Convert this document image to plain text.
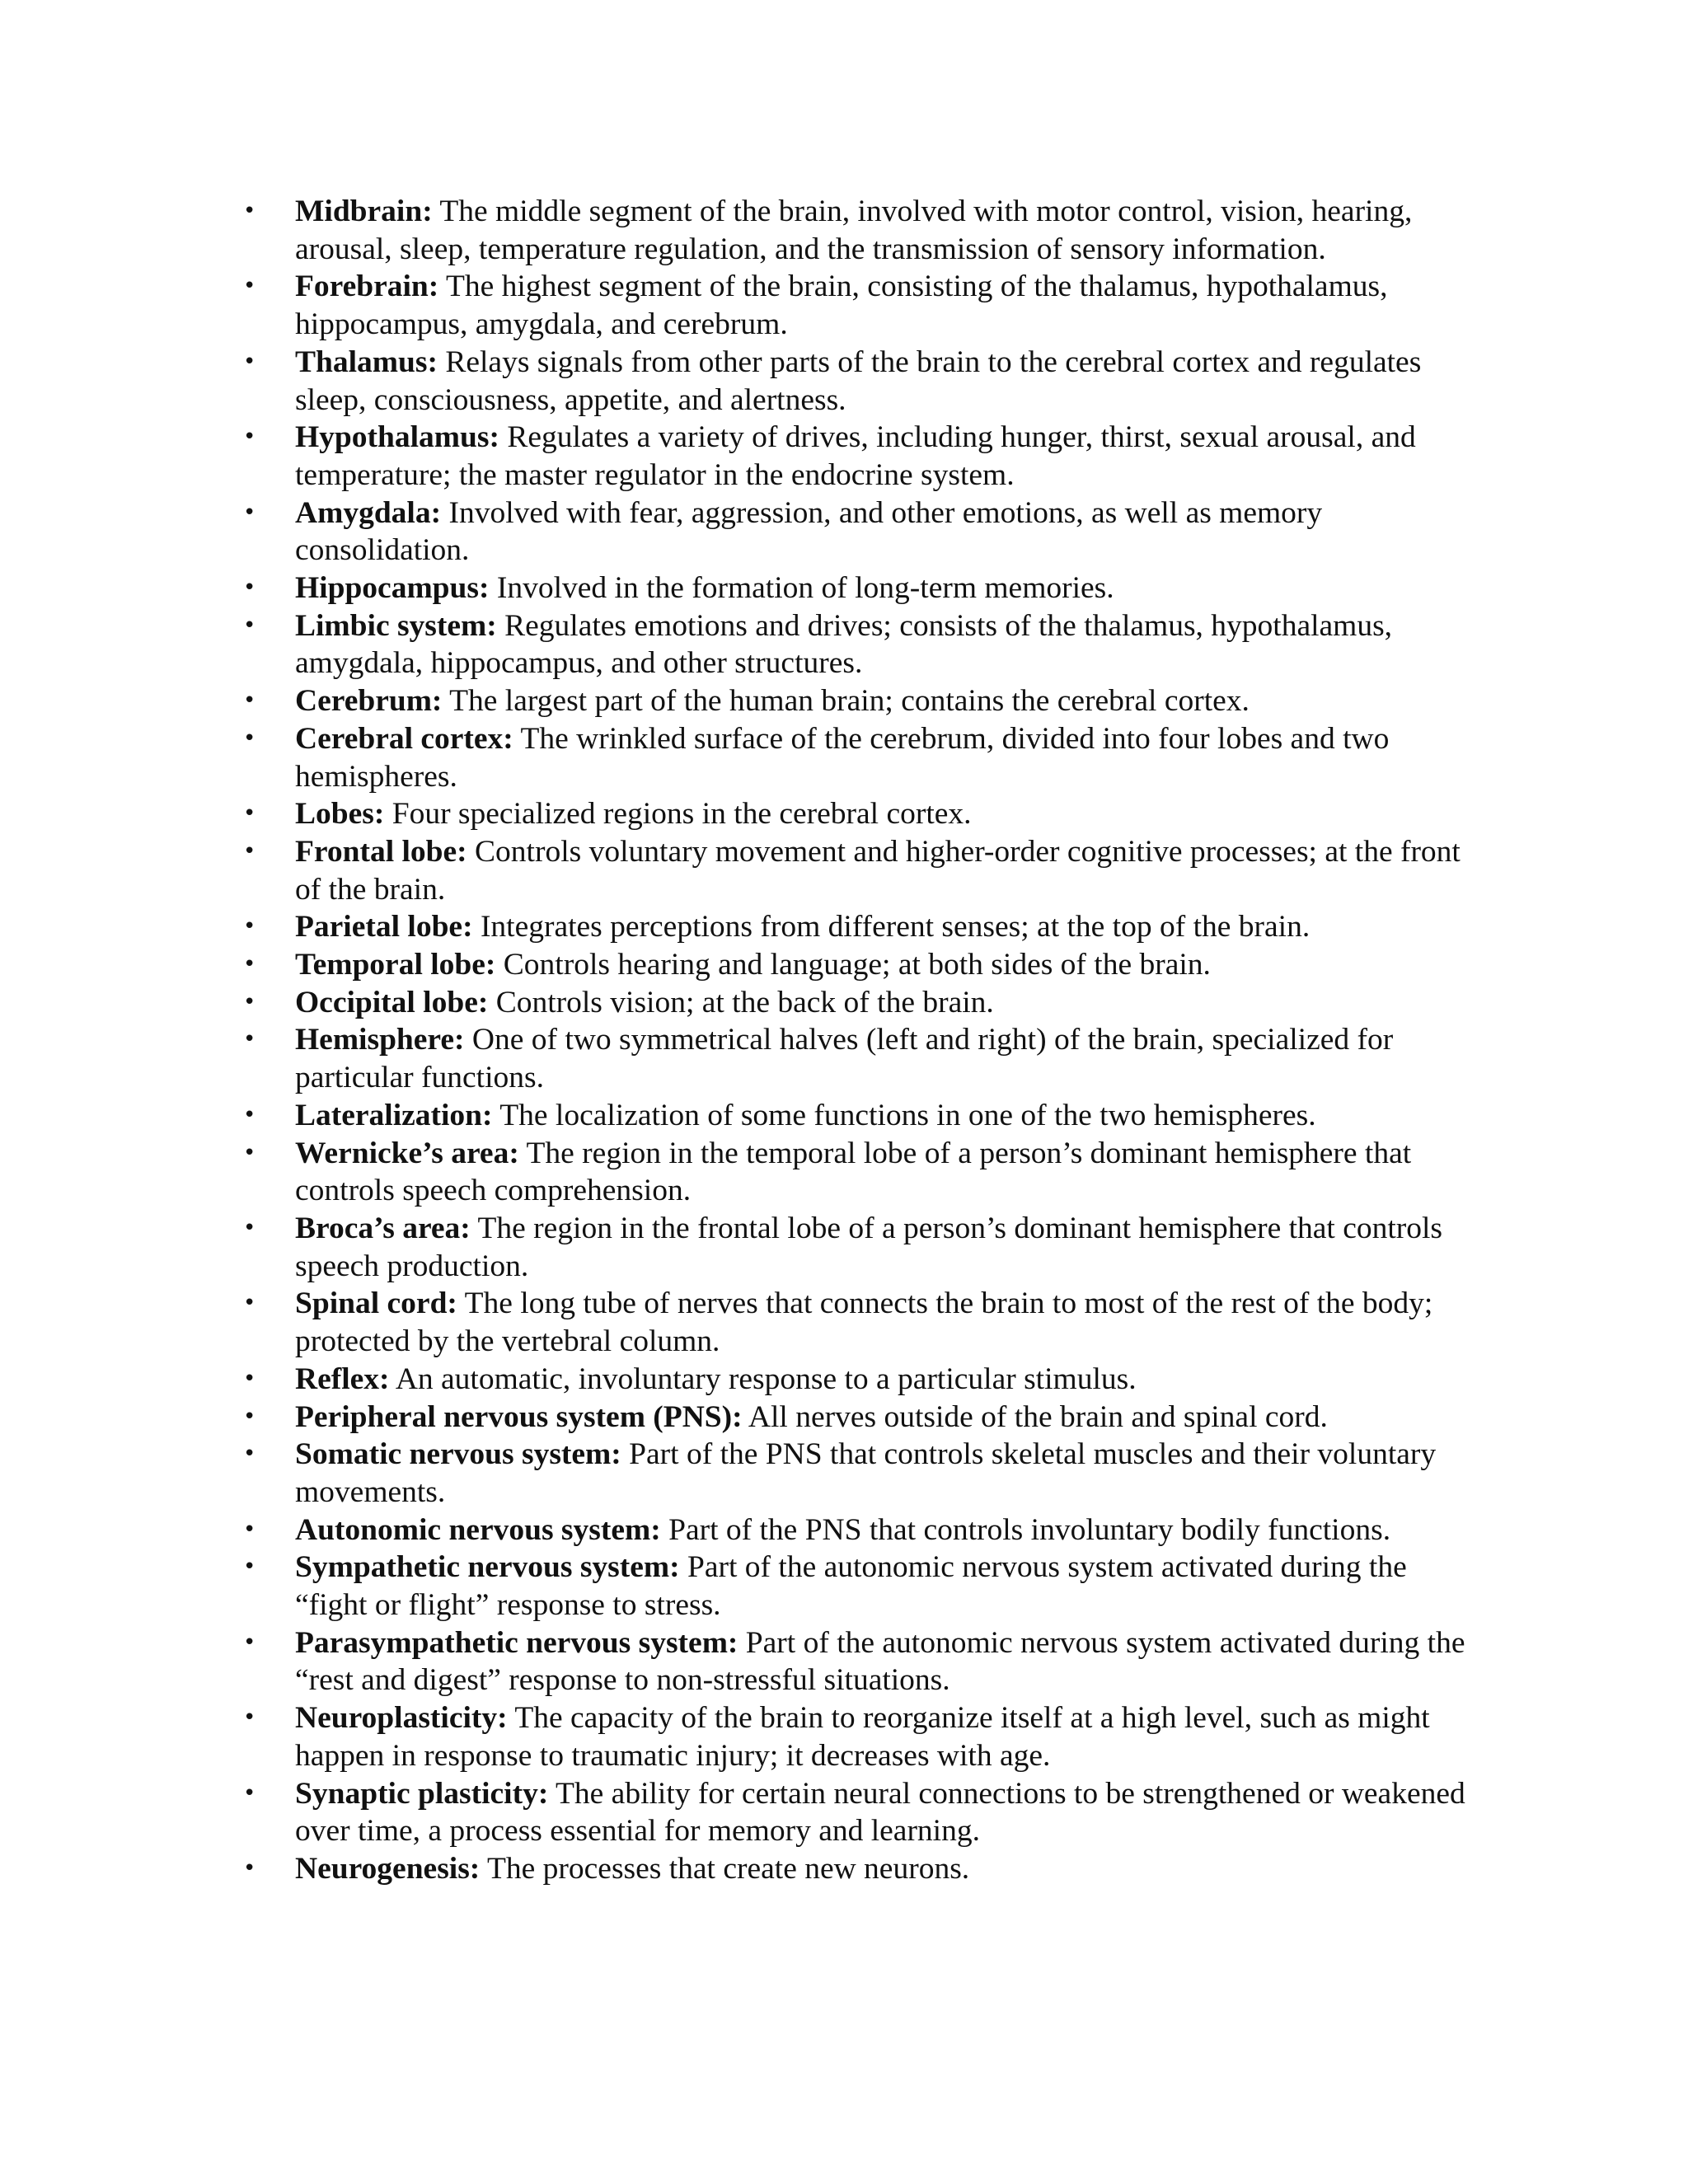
• Midbrain: The middle segment of the brain, involved with motor control, vision, hearing, arousal, sleep, temperature regulation, and the transmission of sensory information.
• Forebrain: The highest segment of the brain, consisting of the thalamus, hypothalamus, hippocampus, amygdala, and cerebrum.
• Thalamus: Relays signals from other parts of the brain to the cerebral cortex and regulates sleep, consciousness, appetite, and alertness.
• Hypothalamus: Regulates a variety of drives, including hunger, thirst, sexual arousal, and temperature; the master regulator in the endocrine system.
• Amygdala: Involved with fear, aggression, and other emotions, as well as memory consolidation.
• Hippocampus: Involved in the formation of long-term memories.
• Limbic system: Regulates emotions and drives; consists of the thalamus, hypothalamus, amygdala, hippocampus, and other structures.
• Cerebrum: The largest part of the human brain; contains the cerebral cortex.
• Cerebral cortex: The wrinkled surface of the cerebrum, divided into four lobes and two hemispheres.
• Lobes: Four specialized regions in the cerebral cortex.
• Frontal lobe: Controls voluntary movement and higher-order cognitive processes; at the front of the brain.
• Parietal lobe: Integrates perceptions from different senses; at the top of the brain.
• Temporal lobe: Controls hearing and language; at both sides of the brain.
• Occipital lobe: Controls vision; at the back of the brain.
• Hemisphere: One of two symmetrical halves (left and right) of the brain, specialized for particular functions.
• Lateralization: The localization of some functions in one of the two hemispheres.
• Wernicke’s area: The region in the temporal lobe of a person’s dominant hemisphere that controls speech comprehension.
• Broca’s area: The region in the frontal lobe of a person’s dominant hemisphere that controls speech production.
• Spinal cord: The long tube of nerves that connects the brain to most of the rest of the body; protected by the vertebral column.
• Reflex: An automatic, involuntary response to a particular stimulus.
• Peripheral nervous system (PNS): All nerves outside of the brain and spinal cord.
• Somatic nervous system: Part of the PNS that controls skeletal muscles and their voluntary movements.
• Autonomic nervous system: Part of the PNS that controls involuntary bodily functions.
• Sympathetic nervous system: Part of the autonomic nervous system activated during the “fight or flight” response to stress.
• Parasympathetic nervous system: Part of the autonomic nervous system activated during the “rest and digest” response to non-stressful situations.
• Neuroplasticity: The capacity of the brain to reorganize itself at a high level, such as might happen in response to traumatic injury; it decreases with age.
• Synaptic plasticity: The ability for certain neural connections to be strengthened or weakened over time, a process essential for memory and learning.
• Neurogenesis: The processes that create new neurons.
